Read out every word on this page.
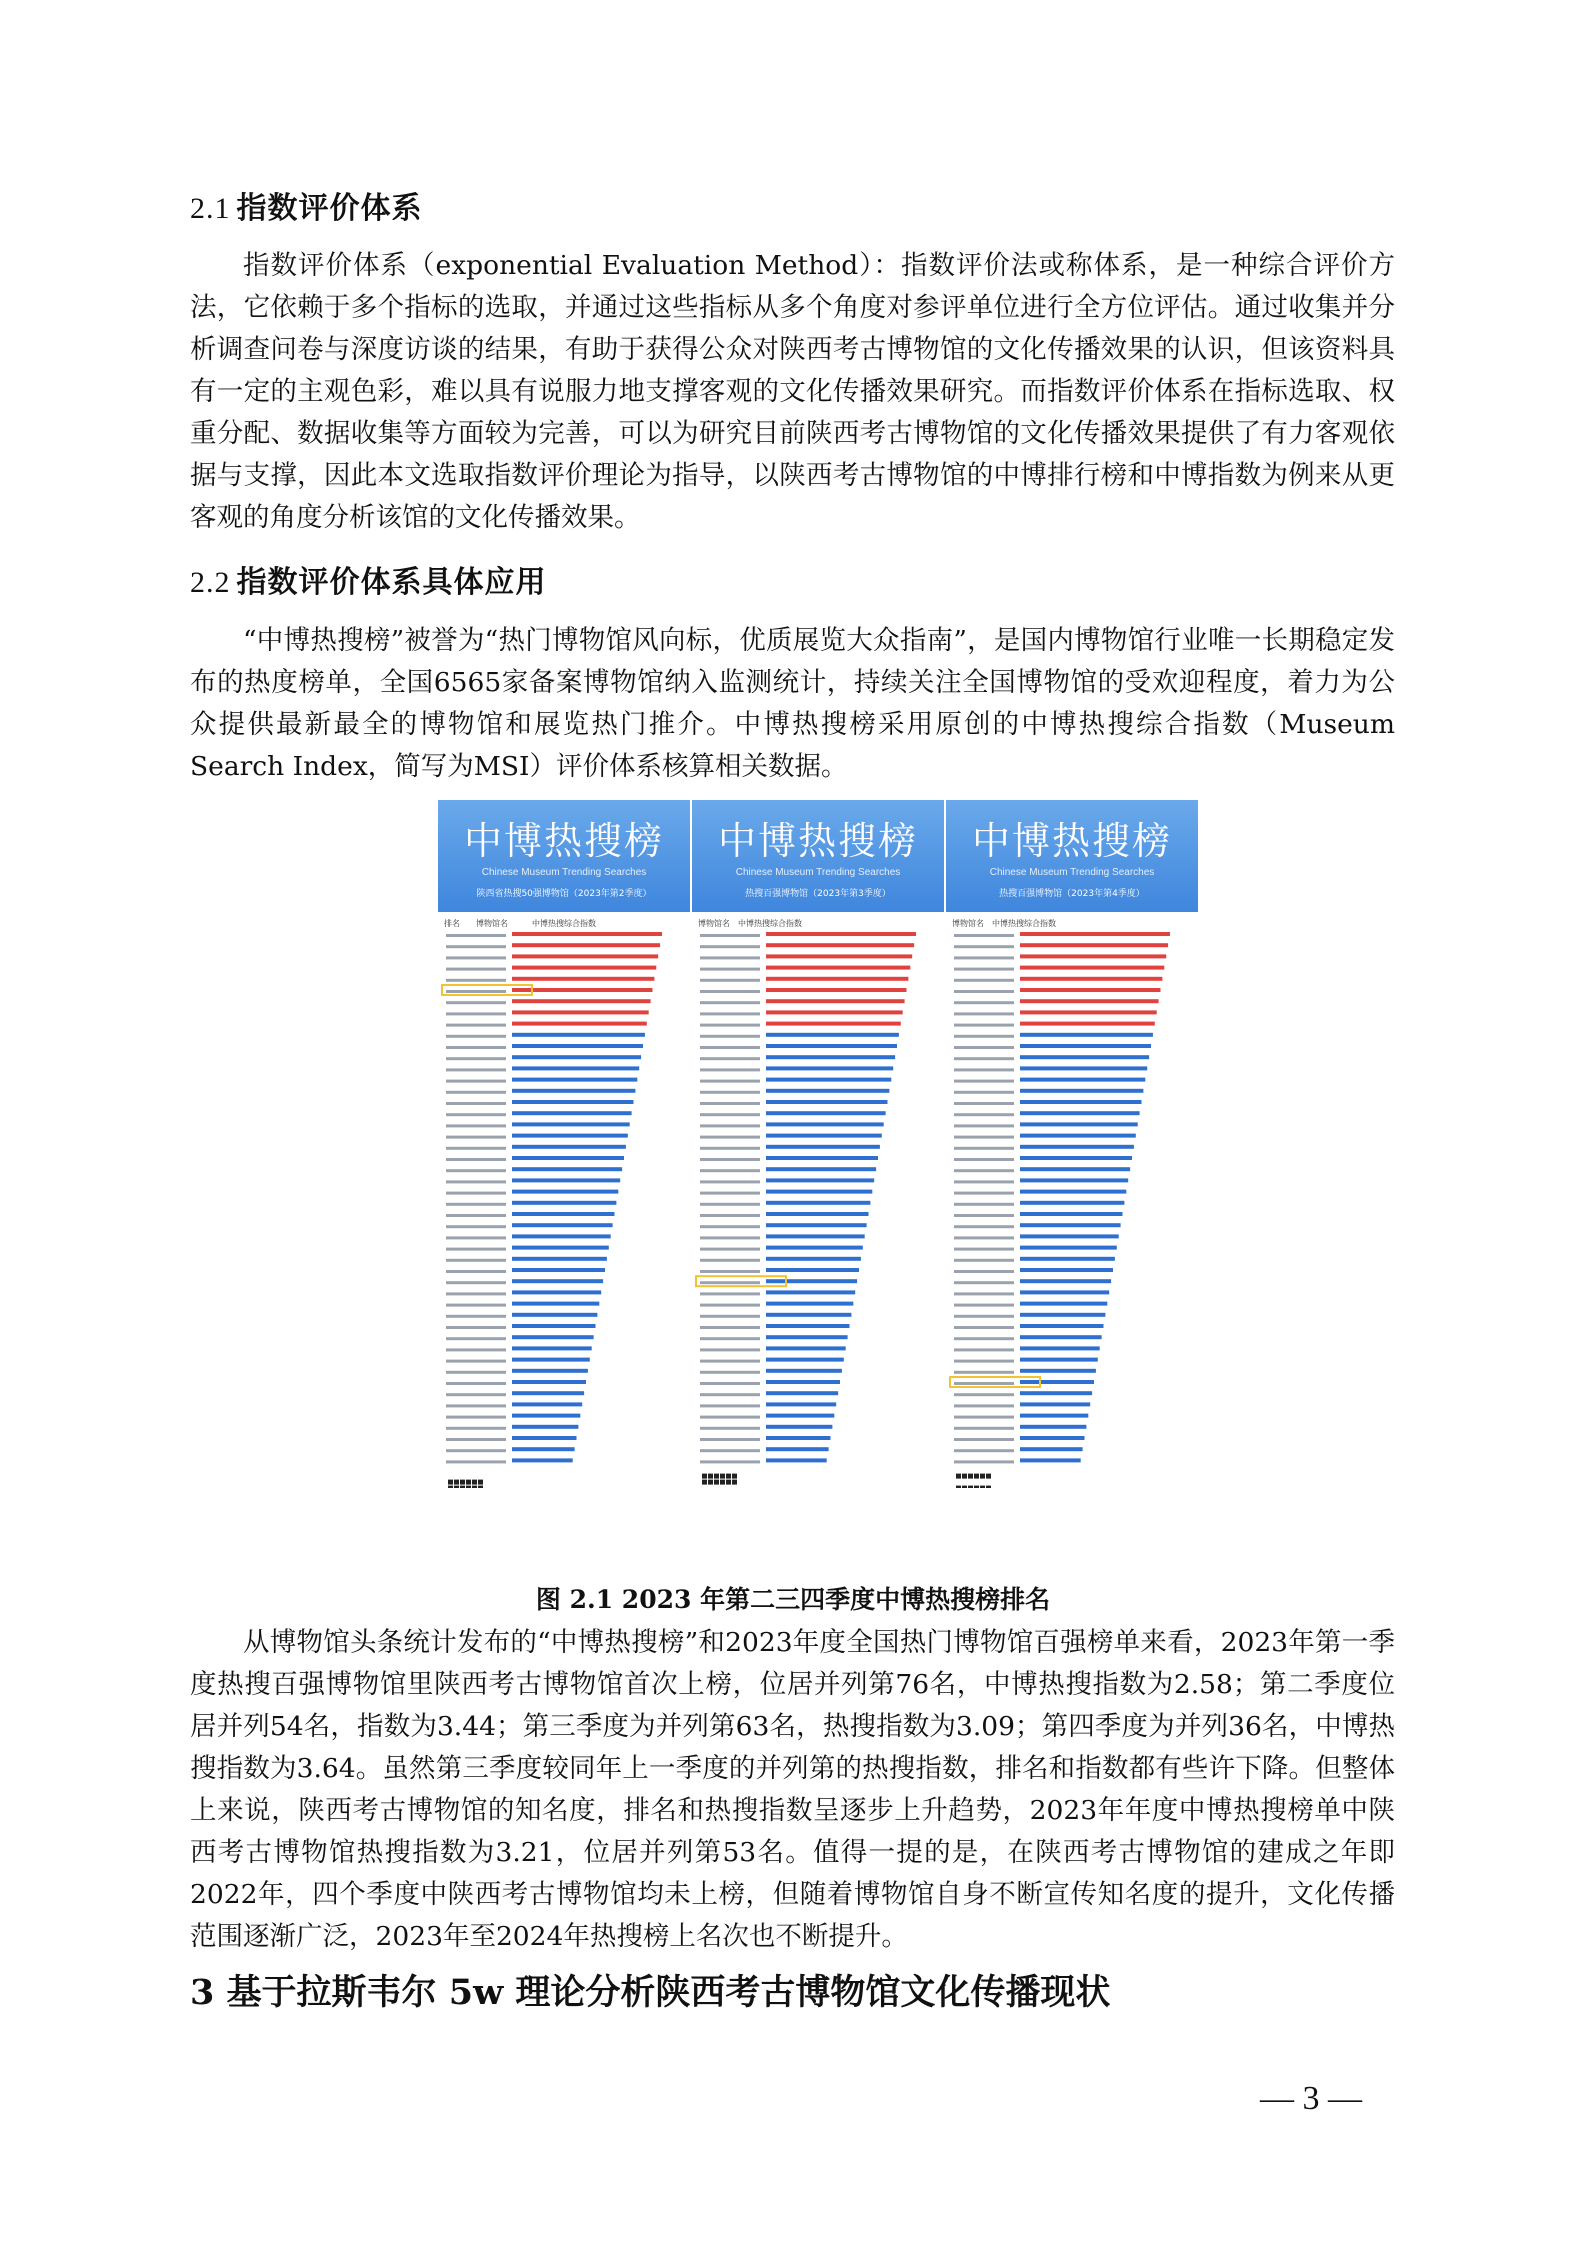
2.1 指数评价体系
指数评价体系（exponential Evaluation Method）：指数评价法或称体系，是一种综合评价方法，它依赖于多个指标的选取，并通过这些指标从多个角度对参评单位进行全方位评估。通过收集并分析调查问卷与深度访谈的结果，有助于获得公众对陕西考古博物馆的文化传播效果的认识，但该资料具有一定的主观色彩，难以具有说服力地支撑客观的文化传播效果研究。而指数评价体系在指标选取、权重分配、数据收集等方面较为完善，可以为研究目前陕西考古博物馆的文化传播效果提供了有力客观依据与支撑，因此本文选取指数评价理论为指导，以陕西考古博物馆的中博排行榜和中博指数为例来从更客观的角度分析该馆的文化传播效果。
2.2 指数评价体系具体应用
“中博热搜榜”被誉为“热门博物馆风向标，优质展览大众指南”，是国内博物馆行业唯一长期稳定发布的热度榜单，全国6565家备案博物馆纳入监测统计，持续关注全国博物馆的受欢迎程度，着力为公众提供最新最全的博物馆和展览热门推介。中博热搜榜采用原创的中博热搜综合指数（Museum Search Index，简写为MSI）评价体系核算相关数据。
中博热搜榜
Chinese Museum Trending Searches
陕西省热搜50强博物馆（2023年第2季度）
排名　　博物馆名　　　中博热搜综合指数
中博热搜榜
Chinese Museum Trending Searches
热搜百强博物馆（2023年第3季度）
博物馆名　中博热搜综合指数
中博热搜榜
Chinese Museum Trending Searches
热搜百强博物馆（2023年第4季度）
博物馆名　中博热搜综合指数
图 2.1 2023 年第二三四季度中博热搜榜排名
从博物馆头条统计发布的“中博热搜榜”和2023年度全国热门博物馆百强榜单来看，2023年第一季度热搜百强博物馆里陕西考古博物馆首次上榜，位居并列第76名，中博热搜指数为2.58；第二季度位居并列54名，指数为3.44；第三季度为并列第63名，热搜指数为3.09；第四季度为并列36名，中博热搜指数为3.64。虽然第三季度较同年上一季度的并列第的热搜指数，排名和指数都有些许下降。但整体上来说，陕西考古博物馆的知名度，排名和热搜指数呈逐步上升趋势，2023年年度中博热搜榜单中陕西考古博物馆热搜指数为3.21，位居并列第53名。值得一提的是，在陕西考古博物馆的建成之年即2022年，四个季度中陕西考古博物馆均未上榜，但随着博物馆自身不断宣传知名度的提升，文化传播范围逐渐广泛，2023年至2024年热搜榜上名次也不断提升。
3 基于拉斯韦尔 5w 理论分析陕西考古博物馆文化传播现状
— 3 —
